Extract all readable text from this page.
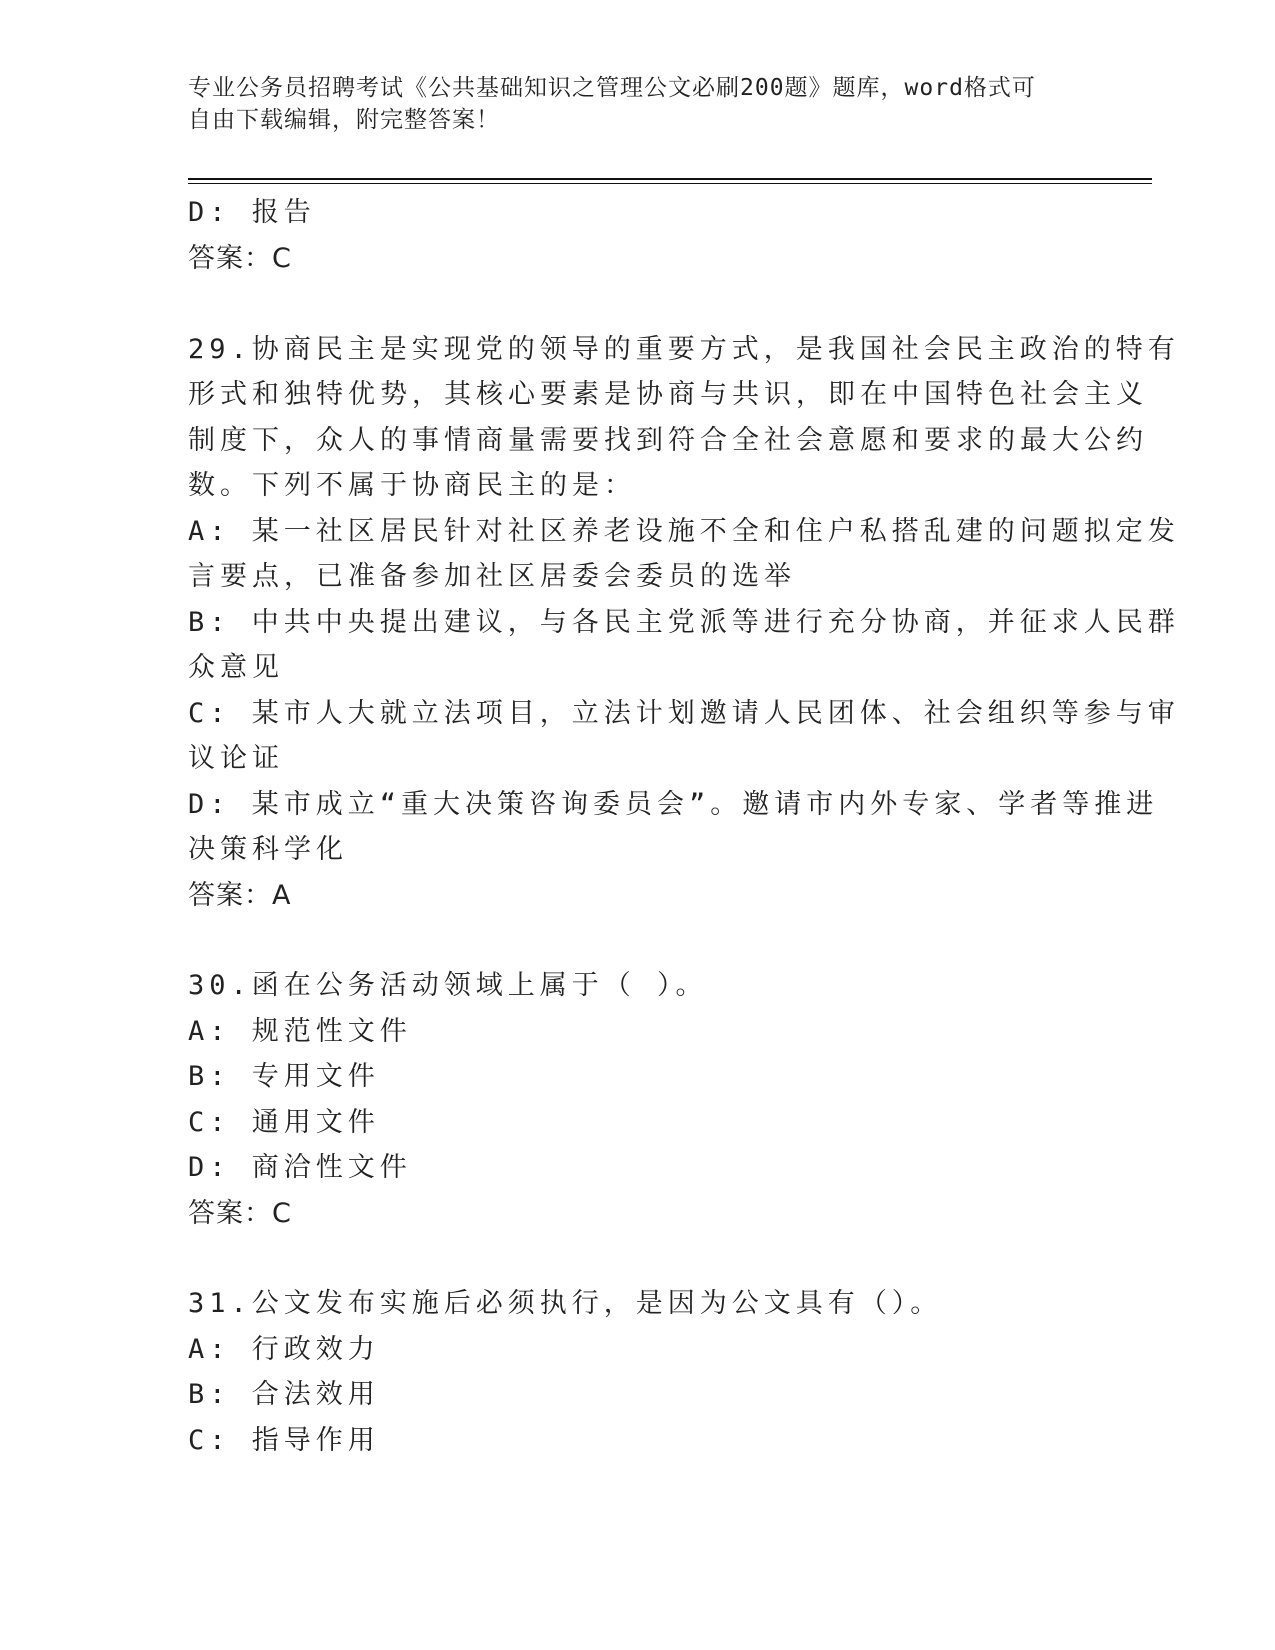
专业公务员招聘考试《公共基础知识之管理公文必刷200题》题库，word格式可
自由下载编辑，附完整答案！
D: 报告
答案：C
29.协商民主是实现党的领导的重要方式，是我国社会民主政治的特有
形式和独特优势，其核心要素是协商与共识，即在中国特色社会主义
制度下，众人的事情商量需要找到符合全社会意愿和要求的最大公约
数。下列不属于协商民主的是：
A: 某一社区居民针对社区养老设施不全和住户私搭乱建的问题拟定发
言要点，已准备参加社区居委会委员的选举
B: 中共中央提出建议，与各民主党派等进行充分协商，并征求人民群
众意见
C: 某市人大就立法项目，立法计划邀请人民团体、社会组织等参与审
议论证
D: 某市成立“重大决策咨询委员会”。邀请市内外专家、学者等推进
决策科学化
答案：A
30.函在公务活动领域上属于（ ）。
A: 规范性文件
B: 专用文件
C: 通用文件
D: 商洽性文件
答案：C
31.公文发布实施后必须执行，是因为公文具有（）。
A: 行政效力
B: 合法效用
C: 指导作用
